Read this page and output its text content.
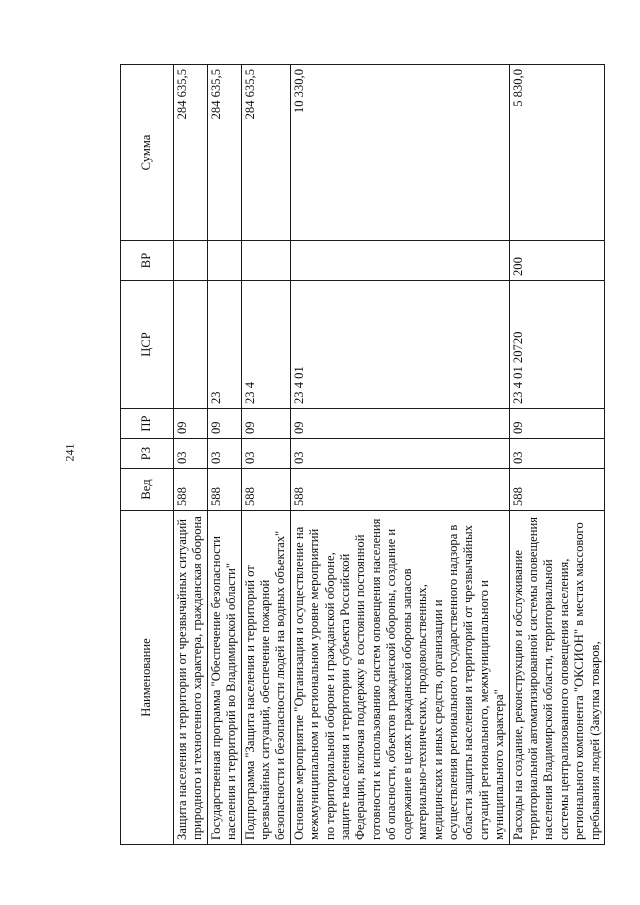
241
Наименование	Вед	РЗ	ПР	ЦСР	ВР	Сумма
Защита населения и территории от чрезвычайных ситуаций природного и техногенного характера, гражданская оборона	588	03	09			284 635,5
Государственная программа "Обеспечение безопасности населения и территорий во Владимирской области"	588	03	09	23		284 635,5
Подпрограмма "Защита населения и территорий от чрезвычайных ситуаций, обеспечение пожарной безопасности и безопасности людей на водных объектах"	588	03	09	23 4		284 635,5
Основное мероприятие "Организация и осуществление на межмуниципальном и региональном уровне мероприятий по территориальной обороне и гражданской обороне, защите населения и территории субъекта Российской Федерации, включая поддержку в состоянии постоянной готовности к использованию систем оповещения населения об опасности, объектов гражданской обороны, создание и содержание в целях гражданской обороны запасов материально-технических, продовольственных, медицинских и иных средств, организации и осуществления регионального государственного надзора в области защиты населения и территорий от чрезвычайных ситуаций регионального, межмуниципального и муниципального характера"	588	03	09	23 4 01		10 330,0
Расходы на создание, реконструкцию и обслуживание территориальной автоматизированной системы оповещения населения Владимирской области, территориальной системы централизованного оповещения населения, регионального компонента "ОКСИОН" в местах массового пребывания людей (Закупка товаров,	588	03	09	23 4 01 20720	200	5 830,0
